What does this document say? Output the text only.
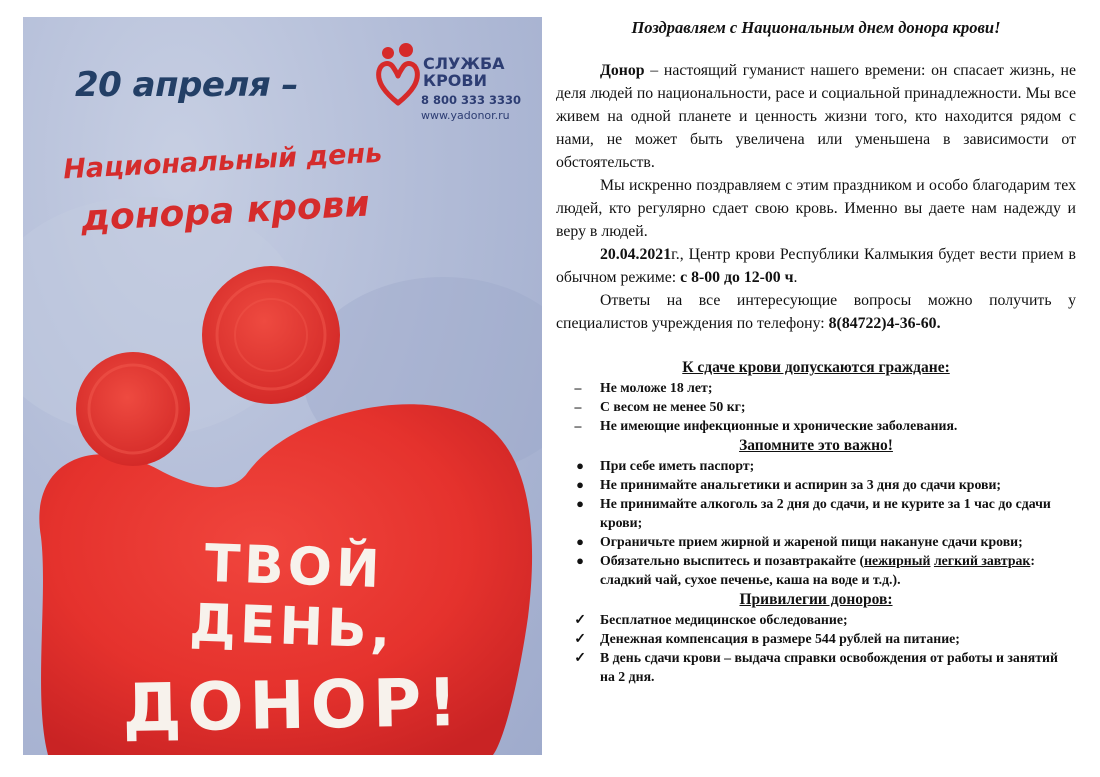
20 апреля –
Национальный день
донора крови
СЛУЖБА
КРОВИ
8 800 333 3330
www.yadonor.ru
ТВОЙ ДЕНЬ,
ДОНОР!

Поздравляем с Национальным днем донора крови!

Донор – настоящий гуманист нашего времени: он спасает жизнь, не деля людей по национальности, расе и социальной принадлежности. Мы все живем на одной планете и ценность жизни того, кто находится рядом с нами, не может быть увеличена или уменьшена в зависимости от обстоятельств.

Мы искренно поздравляем с этим праздником и особо благодарим тех людей, кто регулярно сдает свою кровь. Именно вы даете нам надежду и веру в людей.

20.04.2021г., Центр крови Республики Калмыкия будет вести прием в обычном режиме: с 8-00 до 12-00 ч.

Ответы на все интересующие вопросы можно получить у специалистов учреждения по телефону: 8(84722)4-36-60.

К сдаче крови допускаются граждане:

–	Не моложе 18 лет;
–	С весом не менее 50 кг;
–	Не имеющие инфекционные и хронические заболевания.

Запомните это важно!

● При себе иметь паспорт;
● Не принимайте анальгетики и аспирин за 3 дня до сдачи крови;
● Не принимайте алкоголь за 2 дня до сдачи, и не курите за 1 час до сдачи крови;
● Ограничьте прием жирной и жареной пищи накануне сдачи крови;
● Обязательно выспитесь и позавтракайте (нежирный легкий завтрак: сладкий чай, сухое печенье, каша на воде и т.д.).

Привилегии доноров:

✓ Бесплатное медицинское обследование;
✓ Денежная компенсация в размере 544 рублей на питание;
✓ В день сдачи крови – выдача справки освобождения от работы и занятий на 2 дня.
